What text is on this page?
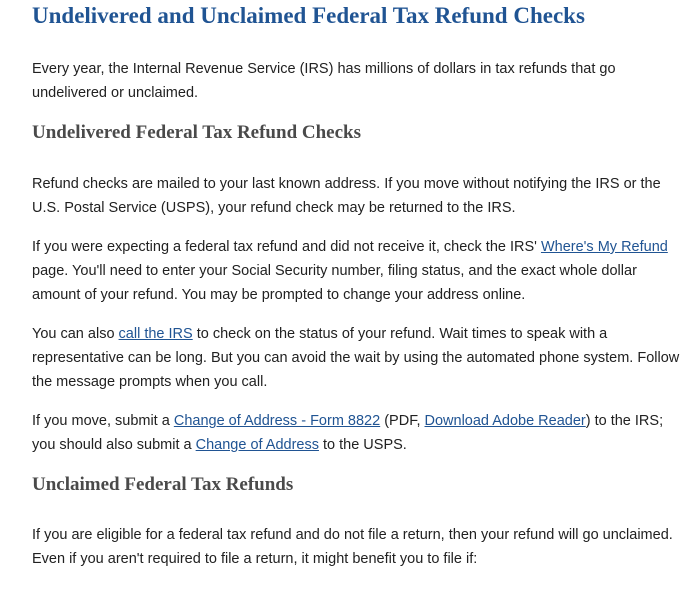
Undelivered and Unclaimed Federal Tax Refund Checks

Every year, the Internal Revenue Service (IRS) has millions of dollars in tax refunds that go undelivered or unclaimed.

Undelivered Federal Tax Refund Checks

Refund checks are mailed to your last known address. If you move without notifying the IRS or the U.S. Postal Service (USPS), your refund check may be returned to the IRS.

If you were expecting a federal tax refund and did not receive it, check the IRS' Where's My Refund page. You'll need to enter your Social Security number, filing status, and the exact whole dollar amount of your refund. You may be prompted to change your address online.

You can also call the IRS to check on the status of your refund. Wait times to speak with a representative can be long. But you can avoid the wait by using the automated phone system. Follow the message prompts when you call.

If you move, submit a Change of Address - Form 8822 (PDF, Download Adobe Reader) to the IRS; you should also submit a Change of Address to the USPS.

Unclaimed Federal Tax Refunds

If you are eligible for a federal tax refund and do not file a return, then your refund will go unclaimed. Even if you aren't required to file a return, it might benefit you to file if:
